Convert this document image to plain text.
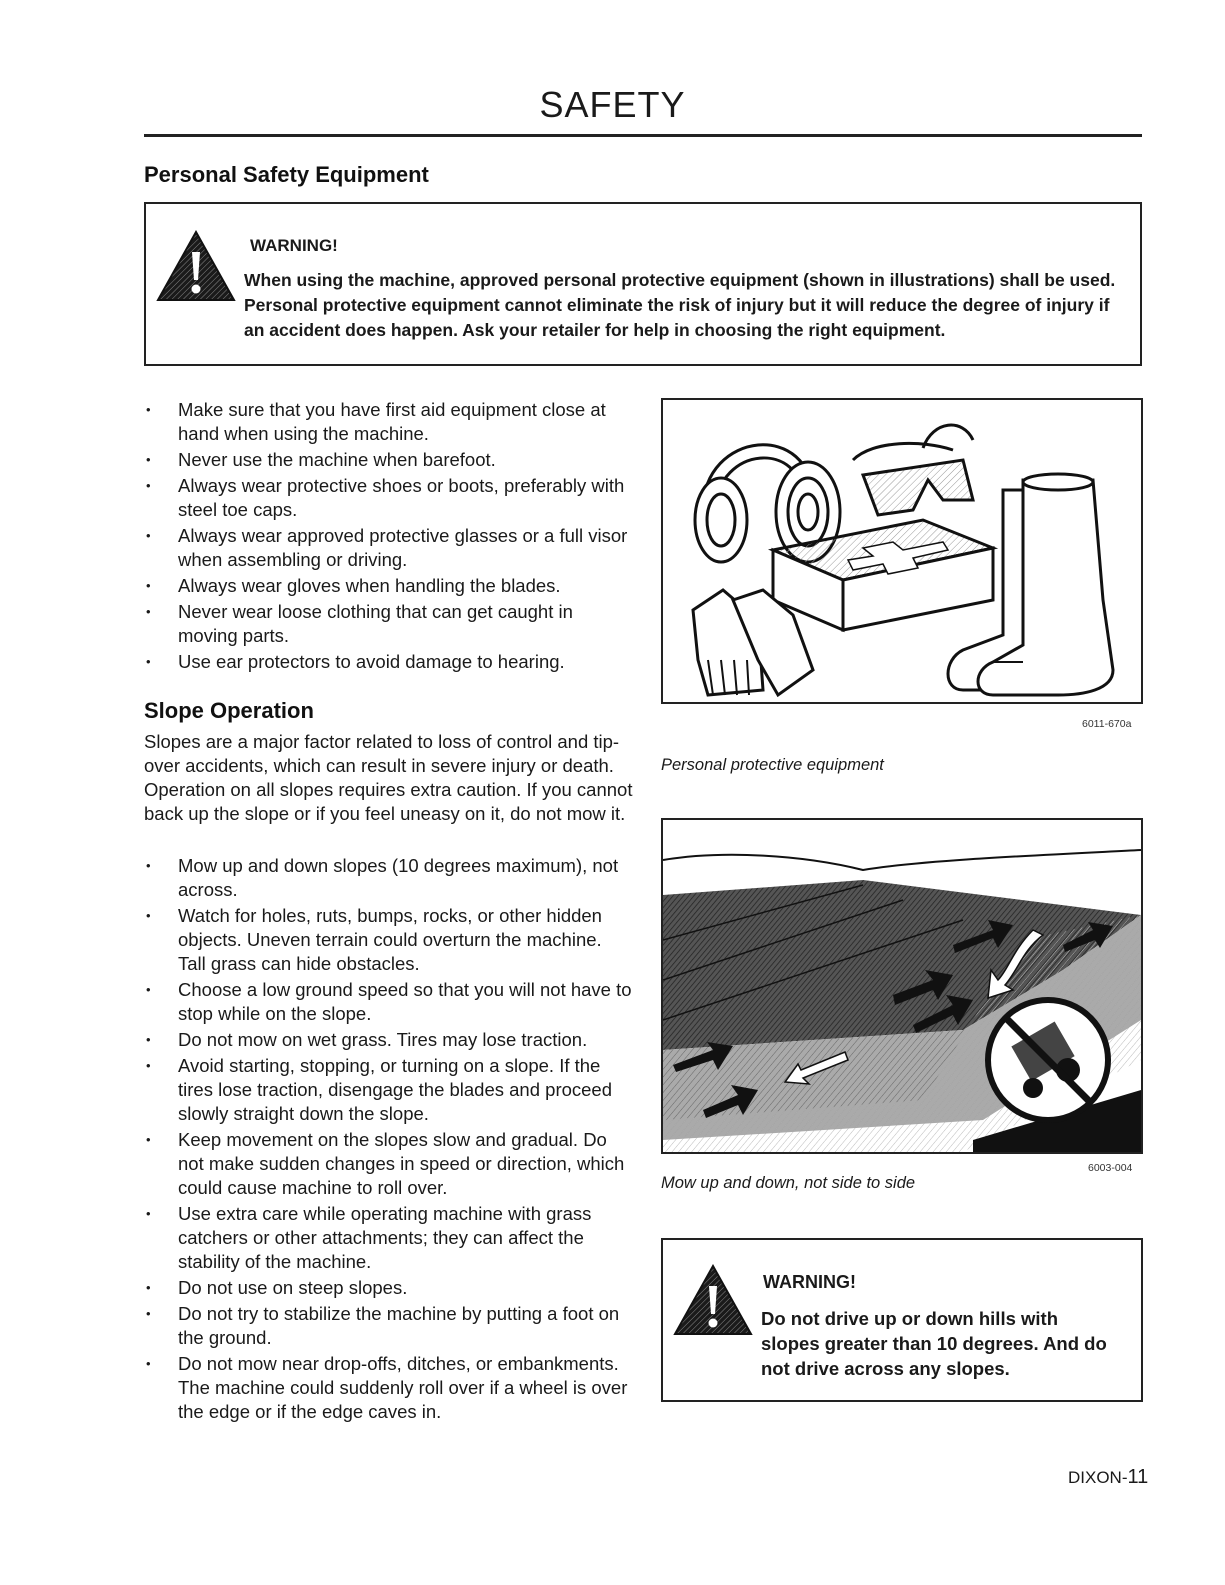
SAFETY
Personal Safety Equipment
WARNING!
When using the machine, approved personal protective equipment (shown in illustrations) shall be used. Personal protective equipment cannot eliminate the risk of injury but it will reduce the degree of injury if an accident does happen. Ask your retailer for help in choosing the right equipment.
• Make sure that you have first aid equipment close at hand when using the machine.
• Never use the machine when barefoot.
• Always wear protective shoes or boots, preferably with steel toe caps.
• Always wear approved protective glasses or a full visor when assembling or driving.
• Always wear gloves when handling the blades.
• Never wear loose clothing that can get caught in moving parts.
• Use ear protectors to avoid damage to hearing.
Slope Operation
Slopes are a major factor related to loss of control and tip-over accidents, which can result in severe injury or death. Operation on all slopes requires extra caution. If you cannot back up the slope or if you feel uneasy on it, do not mow it.
• Mow up and down slopes (10 degrees maximum), not across.
• Watch for holes, ruts, bumps, rocks, or other hidden objects. Uneven terrain could overturn the machine. Tall grass can hide obstacles.
• Choose a low ground speed so that you will not have to stop while on the slope.
• Do not mow on wet grass. Tires may lose traction.
• Avoid starting, stopping, or turning on a slope. If the tires lose traction, disengage the blades and proceed slowly straight down the slope.
• Keep movement on the slopes slow and gradual. Do not make sudden changes in speed or direction, which could cause machine to roll over.
• Use extra care while operating machine with grass catchers or other attachments; they can affect the stability of the machine.
• Do not use on steep slopes.
• Do not try to stabilize the machine by putting a foot on the ground.
• Do not mow near drop-offs, ditches, or embankments. The machine could suddenly roll over if a wheel is over the edge or if the edge caves in.
6011-670a
Personal protective equipment
6003-004
Mow up and down, not side to side
WARNING!
Do not drive up or down hills with slopes greater than 10 degrees. And do not drive across any slopes.
DIXON-11
